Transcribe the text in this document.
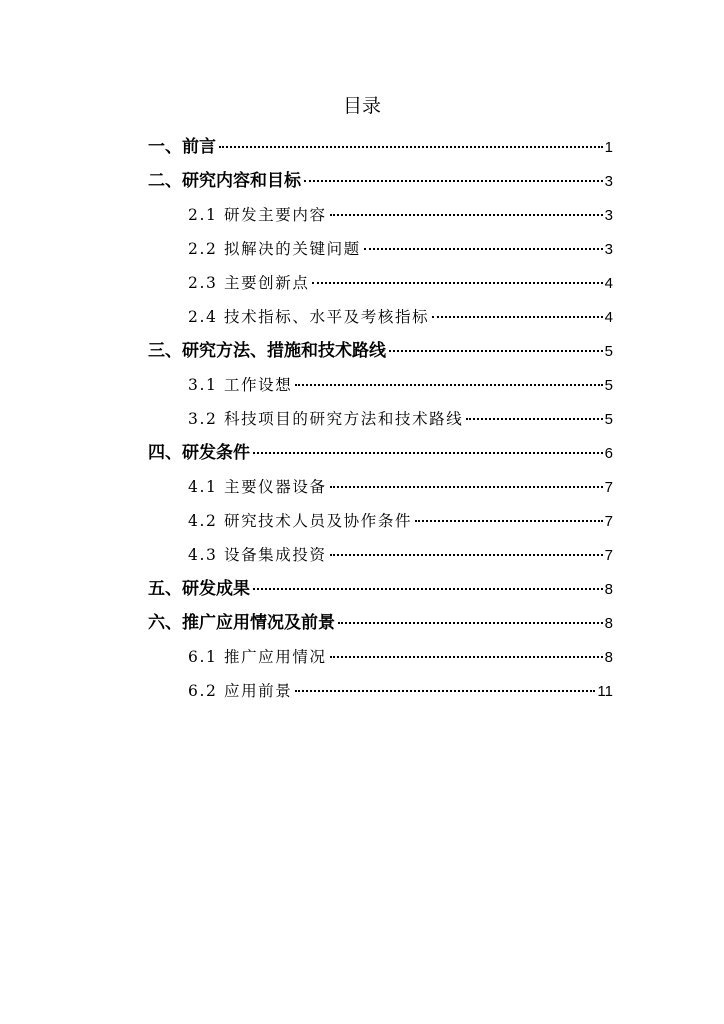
目录
一、前言	1
二、研究内容和目标	3
2.1 研发主要内容	3
2.2 拟解决的关键问题	3
2.3 主要创新点	4
2.4 技术指标、水平及考核指标	4
三、研究方法、措施和技术路线	5
3.1 工作设想	5
3.2 科技项目的研究方法和技术路线	5
四、研发条件	6
4.1 主要仪器设备	7
4.2 研究技术人员及协作条件	7
4.3 设备集成投资	7
五、研发成果	8
六、推广应用情况及前景	8
6.1 推广应用情况	8
6.2 应用前景	11
